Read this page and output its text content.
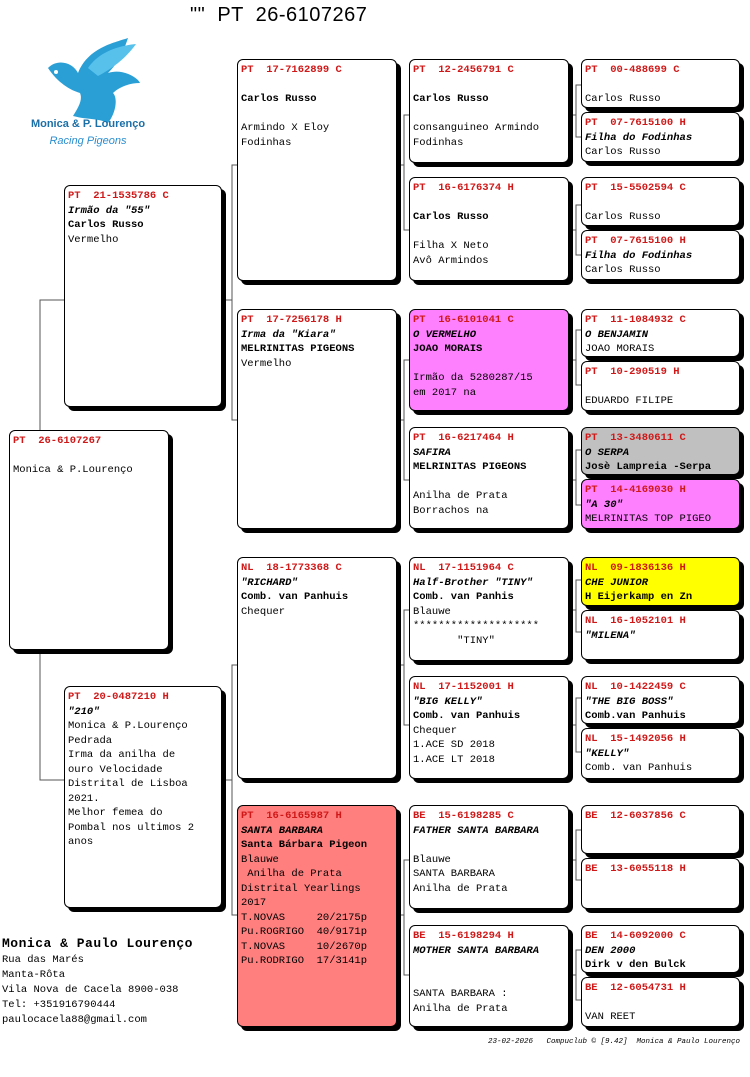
""  PT  26-6107267
Monica & P. Lourenço
Racing Pigeons
PT  26-6107267

Monica & P.Lourenço
PT  21-1535786 C
Irmão da "55"
Carlos Russo
Vermelho
PT  20-0487210 H
"210"
Monica & P.Lourenço
Pedrada
Irma da anilha de
ouro Velocidade
Distrital de Lisboa
2021.
Melhor femea do
Pombal nos ultimos 2
anos
PT  17-7162899 C

Carlos Russo

Armindo X Eloy
Fodinhas
PT  17-7256178 H
Irma da "Kiara"
MELRINITAS PIGEONS
Vermelho
NL  18-1773368 C
"RICHARD"
Comb. van Panhuis
Chequer
PT  16-6165987 H
SANTA BARBARA
Santa Bárbara Pigeon
Blauwe
Anilha de Prata
Distrital Yearlings
2017
T.NOVAS     20/2175p
Pu.ROGRIGO  40/9171p
T.NOVAS     10/2670p
Pu.RODRIGO  17/3141p
PT  12-2456791 C

Carlos Russo

consanguineo Armindo
Fodinhas
PT  16-6176374 H

Carlos Russo

Filha X Neto
Avô Armindos
PT  16-6101041 C
O VERMELHO
JOAO MORAIS

Irmão da 5280287/15
em 2017 na
PT  16-6217464 H
SAFIRA
MELRINITAS PIGEONS

Anilha de Prata
Borrachos na
NL  17-1151964 C
Half-Brother "TINY"
Comb. van Panhis
Blauwe
********************
"TINY"
NL  17-1152001 H
"BIG KELLY"
Comb. van Panhuis
Chequer
1.ACE SD 2018
1.ACE LT 2018
BE  15-6198285 C
FATHER SANTA BARBARA

Blauwe
SANTA BARBARA
Anilha de Prata
BE  15-6198294 H
MOTHER SANTA BARBARA

SANTA BARBARA :
Anilha de Prata
PT  00-488699 C

Carlos Russo
PT  07-7615100 H
Filha do Fodinhas
Carlos Russo
PT  15-5502594 C

Carlos Russo
PT  07-7615100 H
Filha do Fodinhas
Carlos Russo
PT  11-1084932 C
O BENJAMIN
JOAO MORAIS
PT  10-290519 H

EDUARDO FILIPE
PT  13-3480611 C
O SERPA
Josè Lampreia -Serpa
PT  14-4169030 H
"A 30"
MELRINITAS TOP PIGEO
NL  09-1836136 H
CHE JUNIOR
H Eijerkamp en Zn
NL  16-1052101 H
"MILENA"
NL  10-1422459 C
"THE BIG BOSS"
Comb.van Panhuis
NL  15-1492056 H
"KELLY"
Comb. van Panhuis
BE  12-6037856 C
BE  13-6055118 H
BE  14-6092000 C
DEN 2000
Dirk v den Bulck
BE  12-6054731 H

VAN REET
Monica & Paulo Lourenço
Rua das Marés
Manta-Rôta
Vila Nova de Cacela 8900-038
Tel: +351916790444
paulocacela88@gmail.com
23-02-2026   Compuclub © [9.42]  Monica & Paulo Lourenço
